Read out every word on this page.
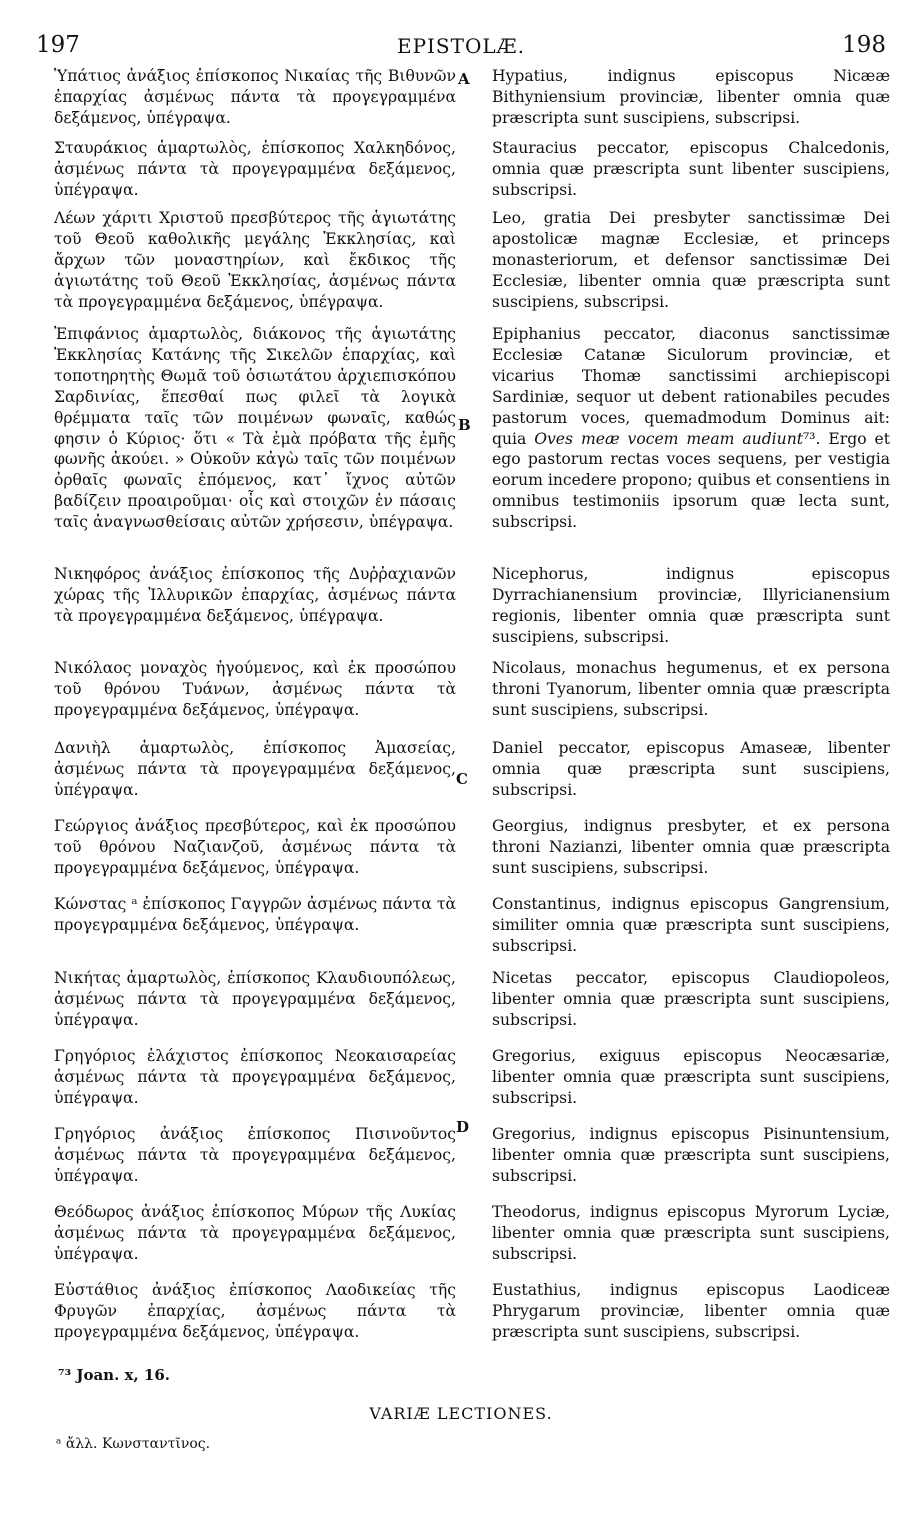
197	EPISTOLÆ.	198
A
B
C
D
Ὑπάτιος ἀνάξιος ἐπίσκοπος Νικαίας τῆς Βιθυνῶν ἐπαρχίας ἀσμένως πάντα τὰ προγεγραμμένα δεξάμενος, ὑπέγραψα.
Σταυράκιος ἁμαρτωλὸς, ἐπίσκοπος Χαλκηδόνος, ἀσμένως πάντα τὰ προγεγραμμένα δεξάμενος, ὑπέγραψα.
Λέων χάριτι Χριστοῦ πρεσβύτερος τῆς ἁγιωτάτης τοῦ Θεοῦ καθολικῆς μεγάλης Ἐκκλησίας, καὶ ἄρχων τῶν μοναστηρίων, καὶ ἔκδικος τῆς ἁγιωτάτης τοῦ Θεοῦ Ἐκκλησίας, ἀσμένως πάντα τὰ προγεγραμμένα δεξάμενος, ὑπέγραψα.
Ἐπιφάνιος ἁμαρτωλὸς, διάκονος τῆς ἁγιωτάτης Ἐκκλησίας Κατάνης τῆς Σικελῶν ἐπαρχίας, καὶ τοποτηρητὴς Θωμᾶ τοῦ ὁσιωτάτου ἀρχιεπισκόπου Σαρδινίας, ἕπεσθαί πως φιλεῖ τὰ λογικὰ θρέμματα ταῖς τῶν ποιμένων φωναῖς, καθώς φησιν ὁ Κύριος· ὅτι « Τὰ ἐμὰ πρόβατα τῆς ἐμῆς φωνῆς ἀκούει. » Οὐκοῦν κἀγὼ ταῖς τῶν ποιμένων ὀρθαῖς φωναῖς ἑπόμενος, κατ᾽ ἴχνος αὐτῶν βαδίζειν προαιροῦμαι· οἷς καὶ στοιχῶν ἐν πάσαις ταῖς ἀναγνωσθείσαις αὐτῶν χρήσεσιν, ὑπέγραψα.
Νικηφόρος ἀνάξιος ἐπίσκοπος τῆς Δυῤῥαχιανῶν χώρας τῆς Ἰλλυρικῶν ἐπαρχίας, ἀσμένως πάντα τὰ προγεγραμμένα δεξάμενος, ὑπέγραψα.
Νικόλαος μοναχὸς ἡγούμενος, καὶ ἐκ προσώπου τοῦ θρόνου Τυάνων, ἀσμένως πάντα τὰ προγεγραμμένα δεξάμενος, ὑπέγραψα.
Δανιὴλ ἁμαρτωλὸς, ἐπίσκοπος Ἀμασείας, ἀσμένως πάντα τὰ προγεγραμμένα δεξάμενος, ὑπέγραψα.
Γεώργιος ἀνάξιος πρεσβύτερος, καὶ ἐκ προσώπου τοῦ θρόνου Ναζιανζοῦ, ἀσμένως πάντα τὰ προγεγραμμένα δεξάμενος, ὑπέγραψα.
Κώνστας ᵃ ἐπίσκοπος Γαγγρῶν ἀσμένως πάντα τὰ προγεγραμμένα δεξάμενος, ὑπέγραψα.
Νικήτας ἁμαρτωλὸς, ἐπίσκοπος Κλαυδιουπόλεως, ἀσμένως πάντα τὰ προγεγραμμένα δεξάμενος, ὑπέγραψα.
Γρηγόριος ἐλάχιστος ἐπίσκοπος Νεοκαισαρείας ἀσμένως πάντα τὰ προγεγραμμένα δεξάμενος, ὑπέγραψα.
Γρηγόριος ἀνάξιος ἐπίσκοπος Πισινοῦντος ἀσμένως πάντα τὰ προγεγραμμένα δεξάμενος, ὑπέγραψα.
Θεόδωρος ἀνάξιος ἐπίσκοπος Μύρων τῆς Λυκίας ἀσμένως πάντα τὰ προγεγραμμένα δεξάμενος, ὑπέγραψα.
Εὐστάθιος ἀνάξιος ἐπίσκοπος Λαοδικείας τῆς Φρυγῶν ἐπαρχίας, ἀσμένως πάντα τὰ προγεγραμμένα δεξάμενος, ὑπέγραψα.
Hypatius, indignus episcopus Nicææ Bithyniensium provinciæ, libenter omnia quæ præscripta sunt suscipiens, subscripsi.
Stauracius peccator, episcopus Chalcedonis, omnia quæ præscripta sunt libenter suscipiens, subscripsi.
Leo, gratia Dei presbyter sanctissimæ Dei apostolicæ magnæ Ecclesiæ, et princeps monasteriorum, et defensor sanctissimæ Dei Ecclesiæ, libenter omnia quæ præscripta sunt suscipiens, subscripsi.
Epiphanius peccator, diaconus sanctissimæ Ecclesiæ Catanæ Siculorum provinciæ, et vicarius Thomæ sanctissimi archiepiscopi Sardiniæ, sequor ut debent rationabiles pecudes pastorum voces, quemadmodum Dominus ait: quia Oves meæ vocem meam audiunt⁷³. Ergo et ego pastorum rectas voces sequens, per vestigia eorum incedere propono; quibus et consentiens in omnibus testimoniis ipsorum quæ lecta sunt, subscripsi.
Nicephorus, indignus episcopus Dyrrachianensium provinciæ, Illyricianensium regionis, libenter omnia quæ præscripta sunt suscipiens, subscripsi.
Nicolaus, monachus hegumenus, et ex persona throni Tyanorum, libenter omnia quæ præscripta sunt suscipiens, subscripsi.
Daniel peccator, episcopus Amaseæ, libenter omnia quæ præscripta sunt suscipiens, subscripsi.
Georgius, indignus presbyter, et ex persona throni Nazianzi, libenter omnia quæ præscripta sunt suscipiens, subscripsi.
Constantinus, indignus episcopus Gangrensium, similiter omnia quæ præscripta sunt suscipiens, subscripsi.
Nicetas peccator, episcopus Claudiopoleos, libenter omnia quæ præscripta sunt suscipiens, subscripsi.
Gregorius, exiguus episcopus Neocæsariæ, libenter omnia quæ præscripta sunt suscipiens, subscripsi.
Gregorius, indignus episcopus Pisinuntensium, libenter omnia quæ præscripta sunt suscipiens, subscripsi.
Theodorus, indignus episcopus Myrorum Lyciæ, libenter omnia quæ præscripta sunt suscipiens, subscripsi.
Eustathius, indignus episcopus Laodiceæ Phrygarum provinciæ, libenter omnia quæ præscripta sunt suscipiens, subscripsi.
⁷³ Joan. x, 16.
VARIÆ LECTIONES.
ᵃ ἄλλ. Κωνσταντῖνος.
